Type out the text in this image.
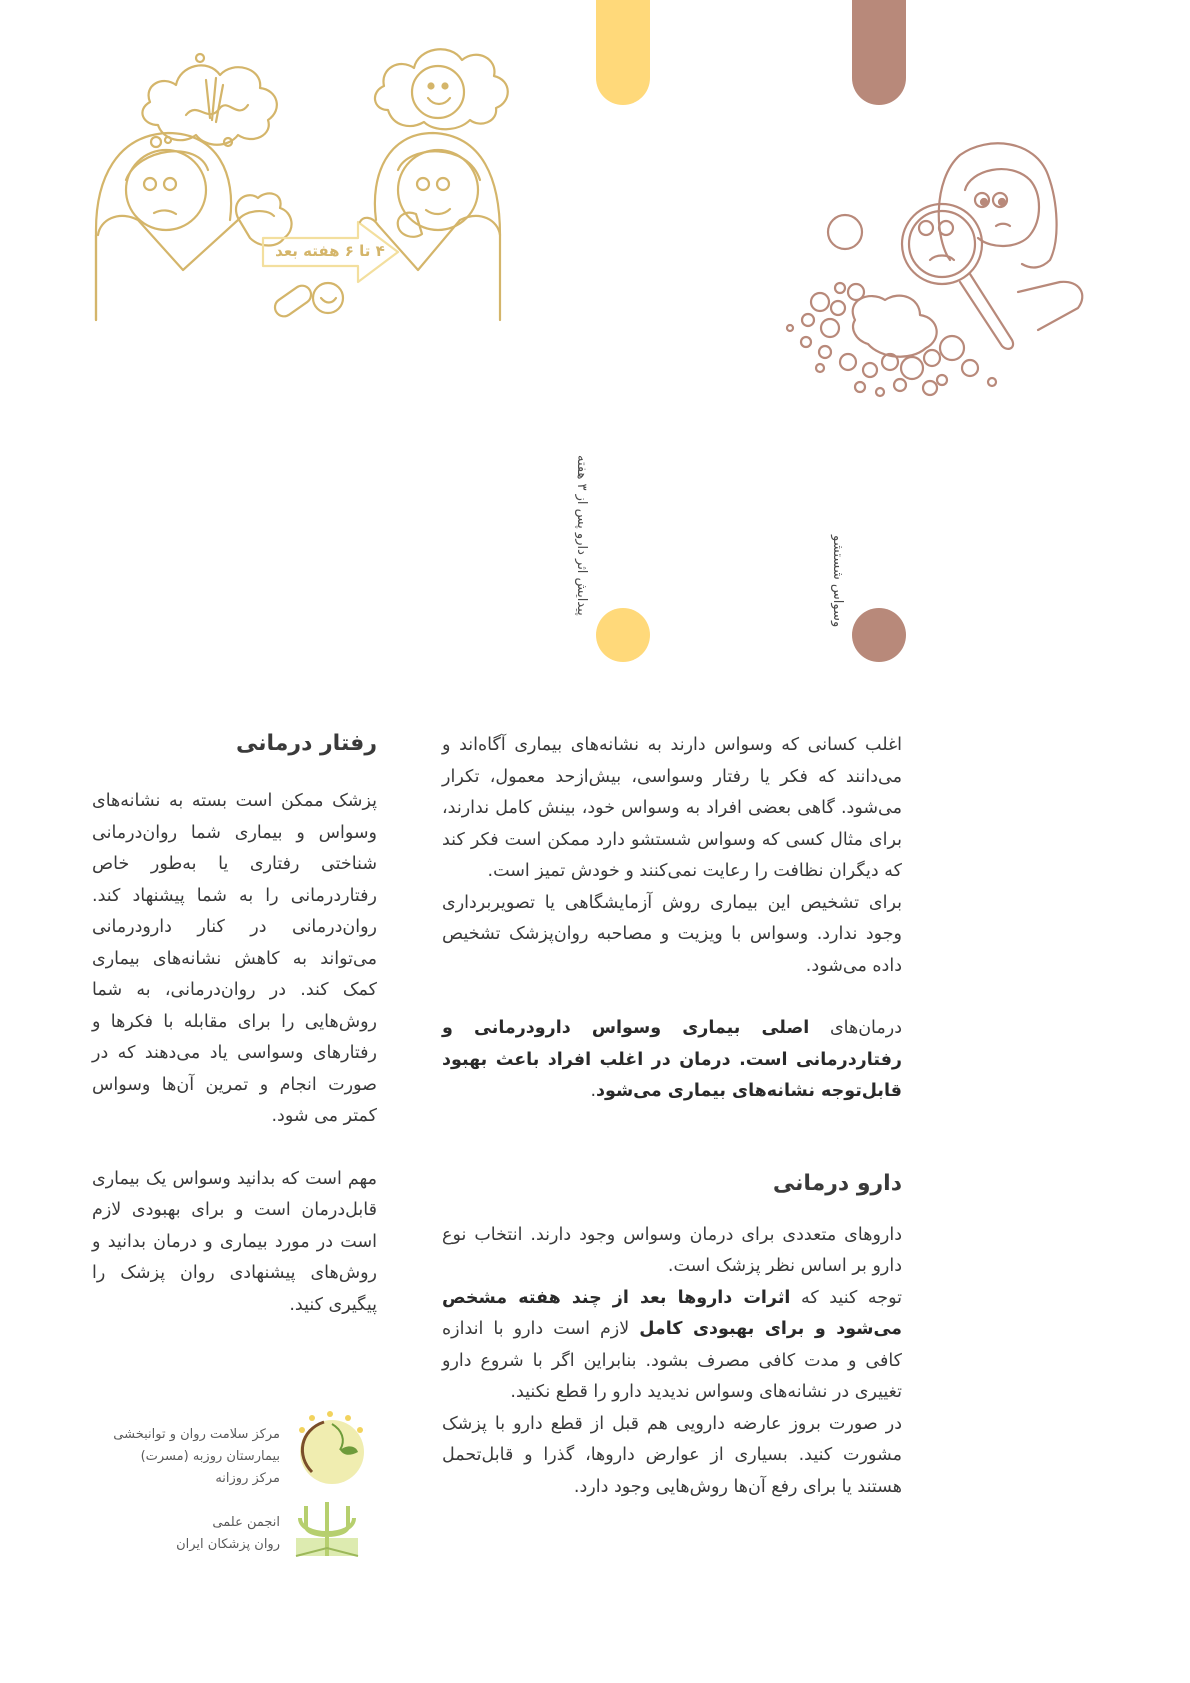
پیدایش اثر دارو پس از ۳ هفته	وسواس شستشو
۴ تا ۶ هفته بعد

اغلب کسانی که وسواس دارند به نشانه‌های بیماری آگاه‌اند و می‌دانند که فکر یا رفتار وسواسی، بیش‌ازحد معمول، تکرار می‌شود. گاهی بعضی افراد به وسواس خود، بینش کامل ندارند، برای مثال کسی که وسواس شستشو دارد ممکن است فکر کند که دیگران نظافت را رعایت نمی‌کنند و خودش تمیز است.

برای تشخیص این بیماری روش آزمایشگاهی یا تصویربرداری وجود ندارد. وسواس با ویزیت و مصاحبه روان‌پزشک تشخیص داده می‌شود.

درمان‌های اصلی بیماری وسواس دارودرمانی و رفتاردرمانی است. درمان در اغلب افراد باعث بهبود قابل‌توجه نشانه‌های بیماری می‌شود.

دارو درمانی

داروهای متعددی برای درمان وسواس وجود دارند. انتخاب نوع دارو بر اساس نظر پزشک است.

توجه کنید که اثرات داروها بعد از چند هفته مشخص می‌شود و برای بهبودی کامل لازم است دارو با اندازه کافی و مدت کافی مصرف بشود. بنابراین اگر با شروع دارو تغییری در نشانه‌های وسواس ندیدید دارو را قطع نکنید.

در صورت بروز عارضه دارویی هم قبل از قطع دارو با پزشک مشورت کنید. بسیاری از عوارض داروها، گذرا و قابل‌تحمل هستند یا برای رفع آن‌ها روش‌هایی وجود دارد.

رفتار درمانی

پزشک ممکن است بسته به نشانه‌های وسواس و بیماری شما روان‌درمانی شناختی رفتاری یا به‌طور خاص رفتاردرمانی را به شما پیشنهاد کند. روان‌درمانی در کنار دارودرمانی می‌تواند به کاهش نشانه‌های بیماری کمک کند. در روان‌درمانی، به شما روش‌هایی را برای مقابله با فکرها و رفتارهای وسواسی یاد می‌دهند که در صورت انجام و تمرین آن‌ها وسواس کمتر می شود.

مهم است که بدانید وسواس یک بیماری قابل‌درمان است و برای بهبودی لازم است در مورد بیماری و درمان بدانید و روش‌های پیشنهادی روان پزشک را پیگیری کنید.

مرکز سلامت روان و توانبخشی
بیمارستان روزبه (مسرت)
مرکز روزانه
انجمن علمی
روان پزشکان ایران
